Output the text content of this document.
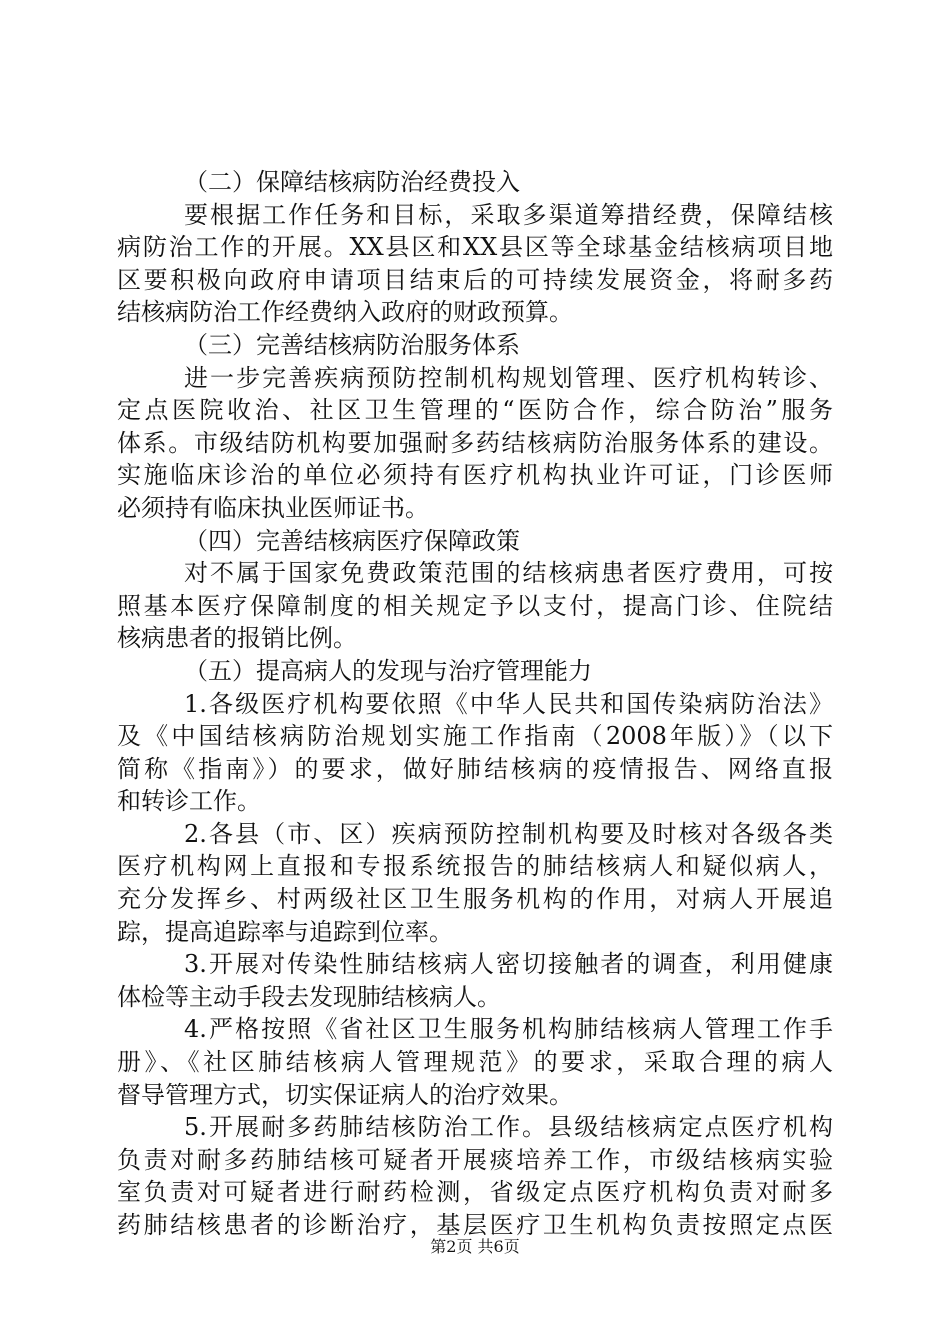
（二）保障结核病防治经费投入
要根据工作任务和目标，采取多渠道筹措经费，保障结核
病防治工作的开展。XX县区和XX县区等全球基金结核病项目地
区要积极向政府申请项目结束后的可持续发展资金，将耐多药
结核病防治工作经费纳入政府的财政预算。
（三）完善结核病防治服务体系
进一步完善疾病预防控制机构规划管理、医疗机构转诊、
定点医院收治、社区卫生管理的“医防合作，综合防治”服务
体系。市级结防机构要加强耐多药结核病防治服务体系的建设。
实施临床诊治的单位必须持有医疗机构执业许可证，门诊医师
必须持有临床执业医师证书。
（四）完善结核病医疗保障政策
对不属于国家免费政策范围的结核病患者医疗费用，可按
照基本医疗保障制度的相关规定予以支付，提高门诊、住院结
核病患者的报销比例。
（五）提高病人的发现与治疗管理能力
1.各级医疗机构要依照《中华人民共和国传染病防治法》
及《中国结核病防治规划实施工作指南（2008年版）》（以下
简称《指南》）的要求，做好肺结核病的疫情报告、网络直报
和转诊工作。
2.各县（市、区）疾病预防控制机构要及时核对各级各类
医疗机构网上直报和专报系统报告的肺结核病人和疑似病人，
充分发挥乡、村两级社区卫生服务机构的作用，对病人开展追
踪，提高追踪率与追踪到位率。
3.开展对传染性肺结核病人密切接触者的调查，利用健康
体检等主动手段去发现肺结核病人。
4.严格按照《省社区卫生服务机构肺结核病人管理工作手
册》、《社区肺结核病人管理规范》的要求，采取合理的病人
督导管理方式，切实保证病人的治疗效果。
5.开展耐多药肺结核防治工作。县级结核病定点医疗机构
负责对耐多药肺结核可疑者开展痰培养工作，市级结核病实验
室负责对可疑者进行耐药检测，省级定点医疗机构负责对耐多
药肺结核患者的诊断治疗，基层医疗卫生机构负责按照定点医
第2页 共6页
